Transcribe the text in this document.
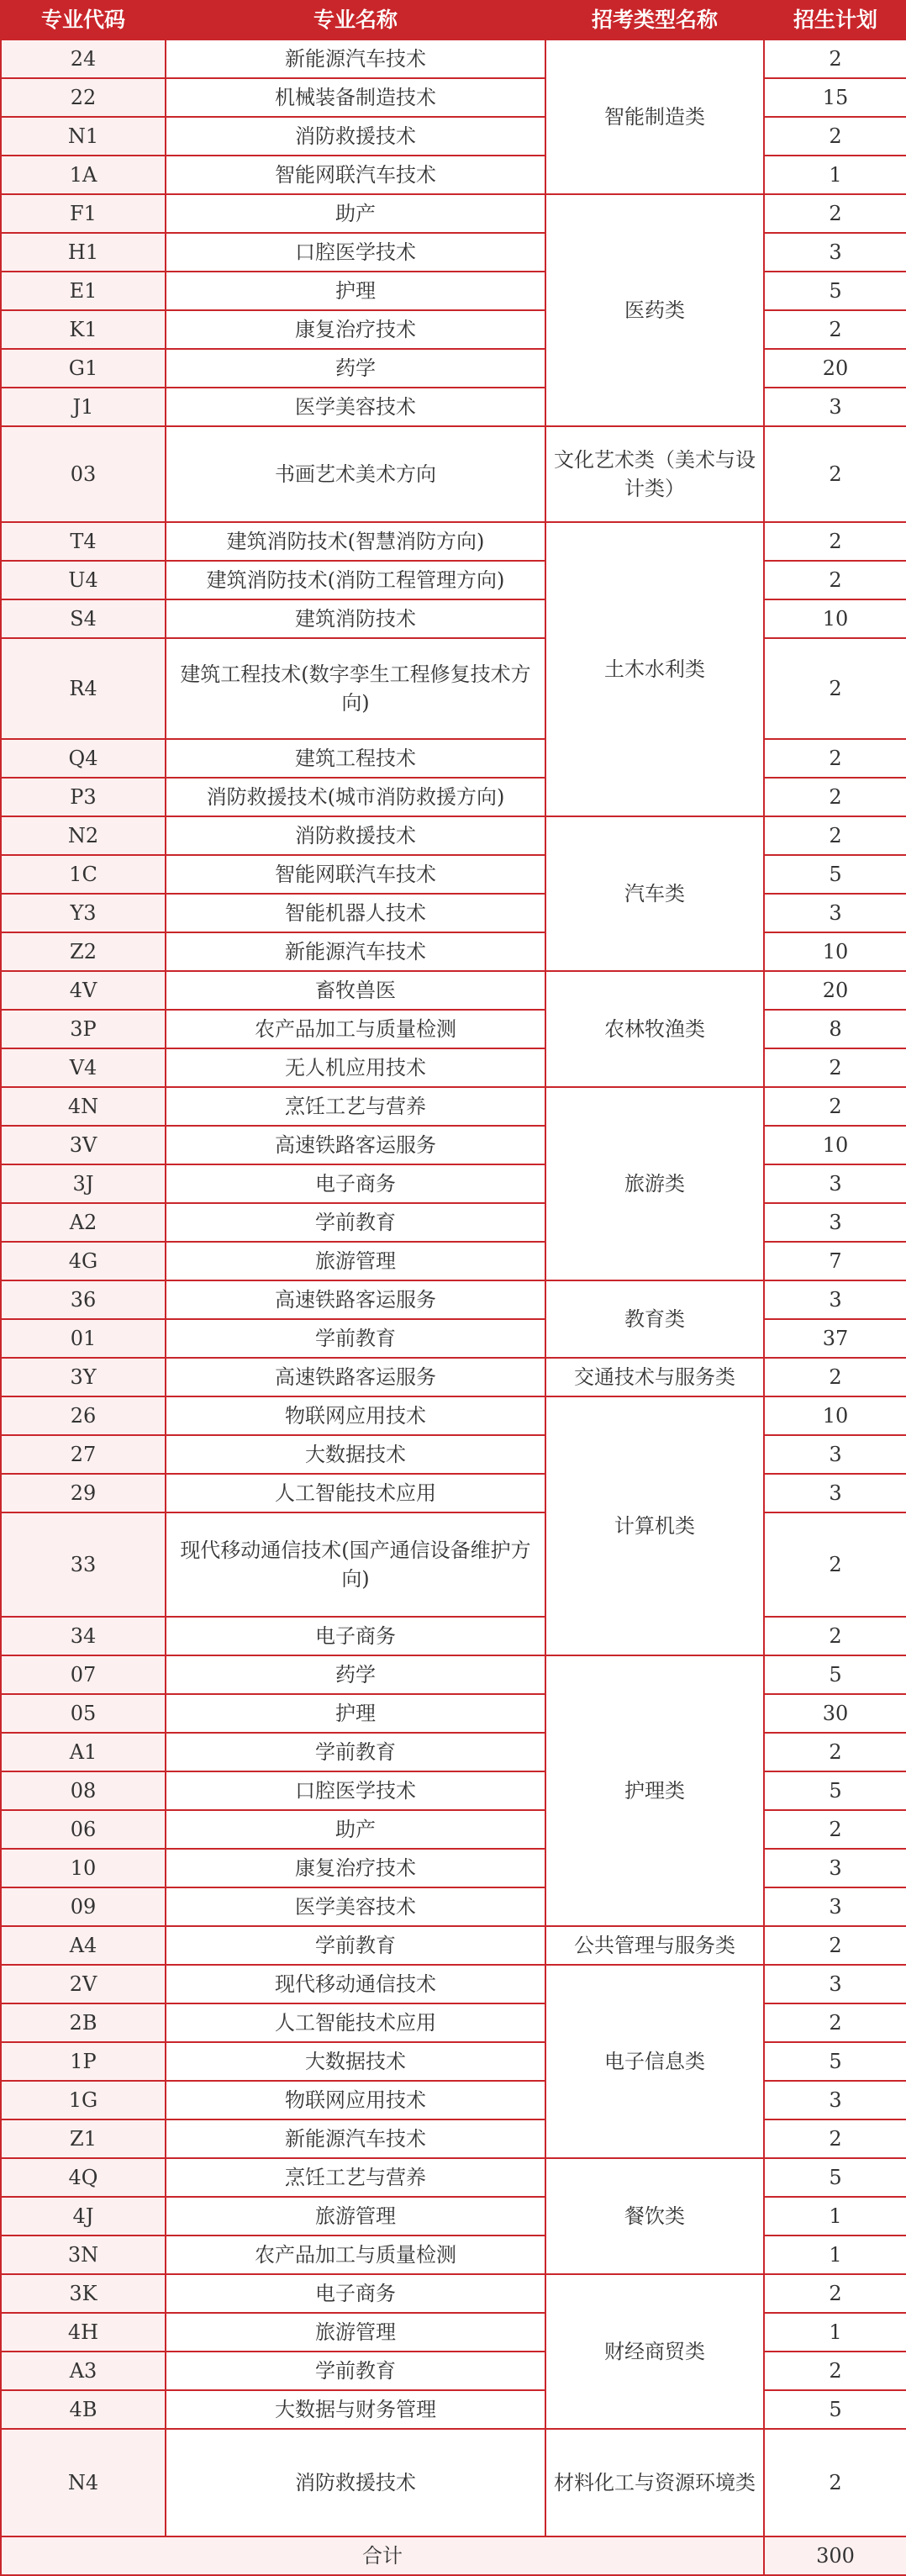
专业代码	专业名称	招考类型名称	招生计划
24	新能源汽车技术	智能制造类	2
22	机械装备制造技术		15
N1	消防救援技术		2
1A	智能网联汽车技术		1
F1	助产	医药类	2
H1	口腔医学技术		3
E1	护理		5
K1	康复治疗技术		2
G1	药学		20
J1	医学美容技术		3
03	书画艺术美术方向	文化艺术类（美术与设计类）	2
T4	建筑消防技术(智慧消防方向)	土木水利类	2
U4	建筑消防技术(消防工程管理方向)		2
S4	建筑消防技术		10
R4	建筑工程技术(数字孪生工程修复技术方向)		2
Q4	建筑工程技术		2
P3	消防救援技术(城市消防救援方向)		2
N2	消防救援技术	汽车类	2
1C	智能网联汽车技术		5
Y3	智能机器人技术		3
Z2	新能源汽车技术		10
4V	畜牧兽医	农林牧渔类	20
3P	农产品加工与质量检测		8
V4	无人机应用技术		2
4N	烹饪工艺与营养	旅游类	2
3V	高速铁路客运服务		10
3J	电子商务		3
A2	学前教育		3
4G	旅游管理		7
36	高速铁路客运服务	教育类	3
01	学前教育		37
3Y	高速铁路客运服务	交通技术与服务类	2
26	物联网应用技术	计算机类	10
27	大数据技术		3
29	人工智能技术应用		3
33	现代移动通信技术(国产通信设备维护方向)		2
34	电子商务		2
07	药学	护理类	5
05	护理		30
A1	学前教育		2
08	口腔医学技术		5
06	助产		2
10	康复治疗技术		3
09	医学美容技术		3
A4	学前教育	公共管理与服务类	2
2V	现代移动通信技术	电子信息类	3
2B	人工智能技术应用		2
1P	大数据技术		5
1G	物联网应用技术		3
Z1	新能源汽车技术		2
4Q	烹饪工艺与营养	餐饮类	5
4J	旅游管理		1
3N	农产品加工与质量检测		1
3K	电子商务	财经商贸类	2
4H	旅游管理		1
A3	学前教育		2
4B	大数据与财务管理		5
N4	消防救援技术	材料化工与资源环境类	2
合计			300
